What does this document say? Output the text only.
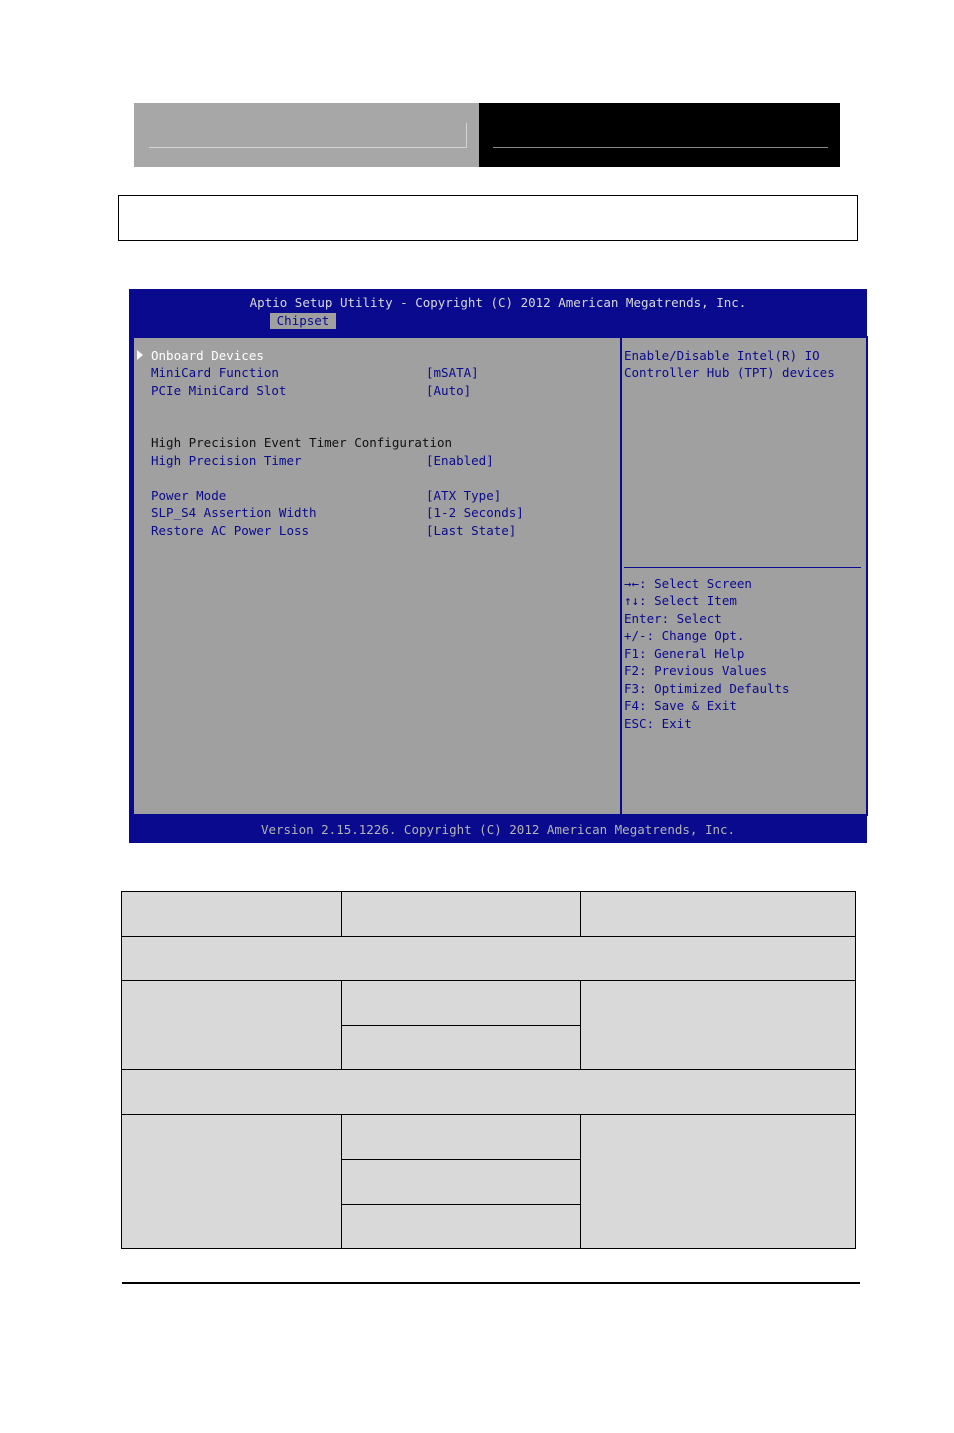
Aptio Setup Utility - Copyright (C) 2012 American Megatrends, Inc.
Chipset
Onboard Devices
MiniCard Function	[mSATA]
PCIe MiniCard Slot	[Auto]
High Precision Event Timer Configuration
High Precision Timer	[Enabled]
Power Mode	[ATX Type]
SLP_S4 Assertion Width	[1-2 Seconds]
Restore AC Power Loss	[Last State]
Enable/Disable Intel(R) IO
Controller Hub (TPT) devices
→←: Select Screen
↑↓: Select Item
Enter: Select
+/-: Change Opt.
F1: General Help
F2: Previous Values
F3: Optimized Defaults
F4: Save & Exit
ESC: Exit
Version 2.15.1226. Copyright (C) 2012 American Megatrends, Inc.
